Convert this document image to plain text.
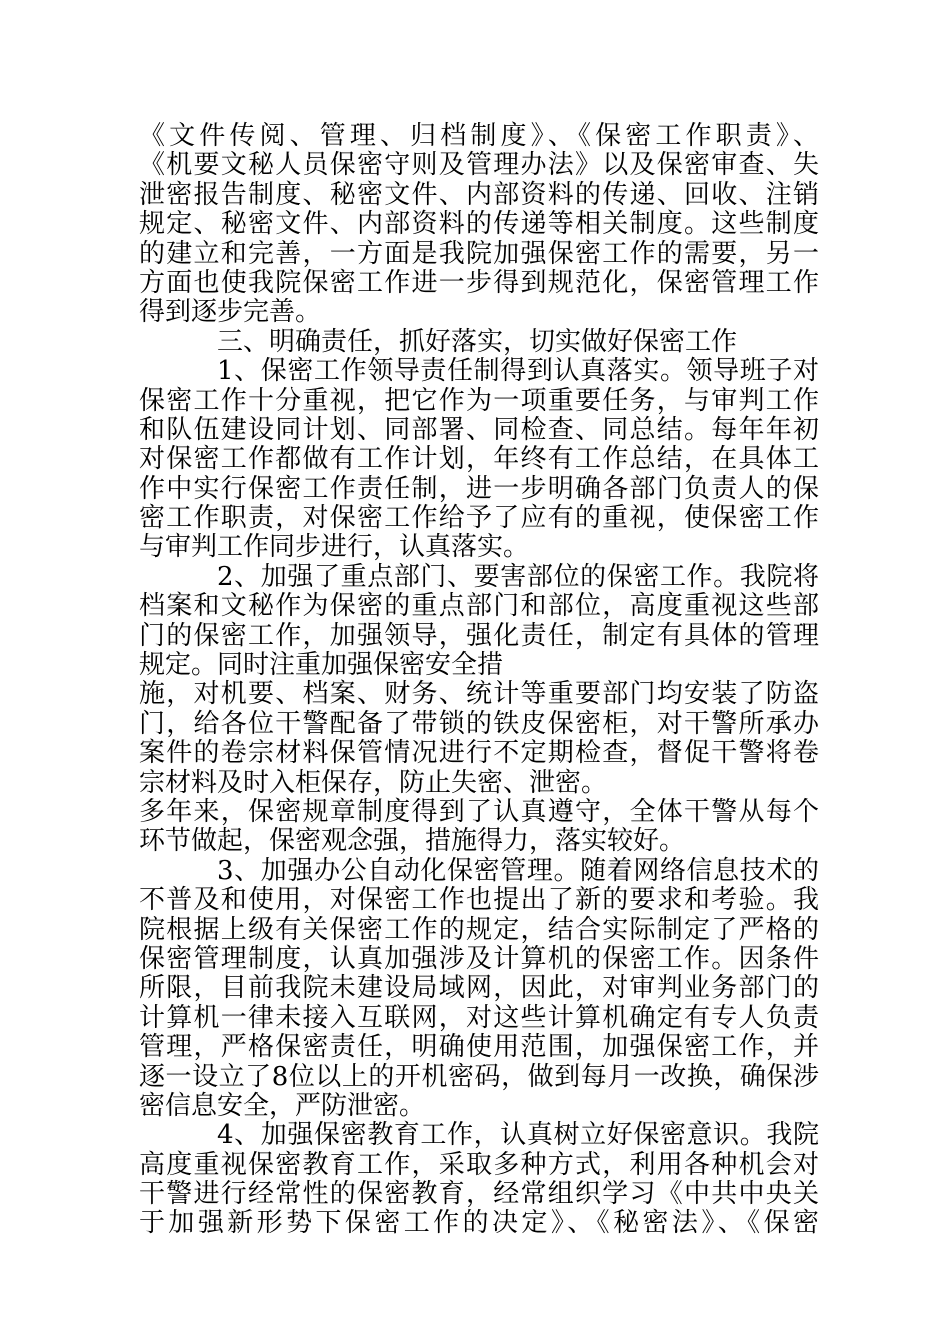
《文件传阅、管理、归档制度》、《保密工作职责》、
《机要文秘人员保密守则及管理办法》以及保密审查、失
泄密报告制度、秘密文件、内部资料的传递、回收、注销
规定、秘密文件、内部资料的传递等相关制度。这些制度
的建立和完善，一方面是我院加强保密工作的需要，另一
方面也使我院保密工作进一步得到规范化，保密管理工作
得到逐步完善。
三、明确责任，抓好落实，切实做好保密工作
1、保密工作领导责任制得到认真落实。领导班子对
保密工作十分重视，把它作为一项重要任务，与审判工作
和队伍建设同计划、同部署、同检查、同总结。每年年初
对保密工作都做有工作计划，年终有工作总结，在具体工
作中实行保密工作责任制，进一步明确各部门负责人的保
密工作职责，对保密工作给予了应有的重视，使保密工作
与审判工作同步进行，认真落实。
2、加强了重点部门、要害部位的保密工作。我院将
档案和文秘作为保密的重点部门和部位，高度重视这些部
门的保密工作，加强领导，强化责任，制定有具体的管理
规定。同时注重加强保密安全措
施，对机要、档案、财务、统计等重要部门均安装了防盗
门，给各位干警配备了带锁的铁皮保密柜，对干警所承办
案件的卷宗材料保管情况进行不定期检查，督促干警将卷
宗材料及时入柜保存，防止失密、泄密。
多年来，保密规章制度得到了认真遵守，全体干警从每个
环节做起，保密观念强，措施得力，落实较好。
3、加强办公自动化保密管理。随着网络信息技术的
不普及和使用，对保密工作也提出了新的要求和考验。我
院根据上级有关保密工作的规定，结合实际制定了严格的
保密管理制度，认真加强涉及计算机的保密工作。因条件
所限，目前我院未建设局域网，因此，对审判业务部门的
计算机一律未接入互联网，对这些计算机确定有专人负责
管理，严格保密责任，明确使用范围，加强保密工作，并
逐一设立了8位以上的开机密码，做到每月一改换，确保涉
密信息安全，严防泄密。
4、加强保密教育工作，认真树立好保密意识。我院
高度重视保密教育工作，采取多种方式，利用各种机会对
干警进行经常性的保密教育，经常组织学习《中共中央关
于加强新形势下保密工作的决定》、《秘密法》、《保密
